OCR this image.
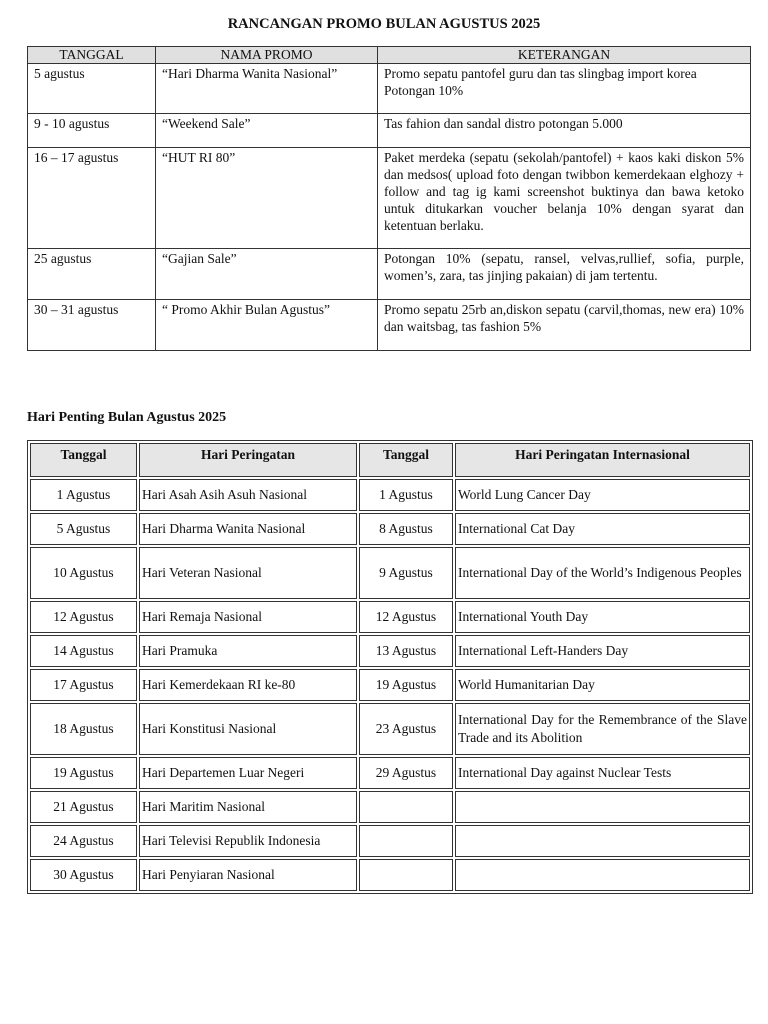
RANCANGAN PROMO BULAN AGUSTUS 2025
TANGGAL	NAMA PROMO	KETERANGAN
5 agustus	“Hari Dharma Wanita Nasional”	Promo sepatu pantofel guru dan tas slingbag import korea Potongan 10%
9 - 10 agustus	“Weekend Sale”	Tas fahion dan sandal distro potongan 5.000
16 – 17 agustus	“HUT RI 80”	Paket merdeka (sepatu (sekolah/pantofel) + kaos kaki diskon 5% dan medsos( upload foto dengan twibbon kemerdekaan elghozy + follow and tag ig kami screenshot buktinya dan bawa ketoko untuk ditukarkan voucher belanja 10% dengan syarat dan ketentuan berlaku.
25 agustus	“Gajian Sale”	Potongan 10% (sepatu, ransel, velvas,rullief, sofia, purple, women’s, zara, tas jinjing pakaian) di jam tertentu.
30 – 31 agustus	“ Promo Akhir Bulan Agustus”	Promo sepatu 25rb an,diskon sepatu (carvil,thomas, new era) 10% dan waitsbag, tas fashion 5%
Hari Penting Bulan Agustus 2025
Tanggal	Hari Peringatan	Tanggal	Hari Peringatan Internasional
1 Agustus	Hari Asah Asih Asuh Nasional	1 Agustus	World Lung Cancer Day
5 Agustus	Hari Dharma Wanita Nasional	8 Agustus	International Cat Day
10 Agustus	Hari Veteran Nasional	9 Agustus	International Day of the World’s Indigenous Peoples
12 Agustus	Hari Remaja Nasional	12 Agustus	International Youth Day
14 Agustus	Hari Pramuka	13 Agustus	International Left-Handers Day
17 Agustus	Hari Kemerdekaan RI ke-80	19 Agustus	World Humanitarian Day
18 Agustus	Hari Konstitusi Nasional	23 Agustus	International Day for the Remembrance of the Slave Trade and its Abolition
19 Agustus	Hari Departemen Luar Negeri	29 Agustus	International Day against Nuclear Tests
21 Agustus	Hari Maritim Nasional		
24 Agustus	Hari Televisi Republik Indonesia		
30 Agustus	Hari Penyiaran Nasional		
